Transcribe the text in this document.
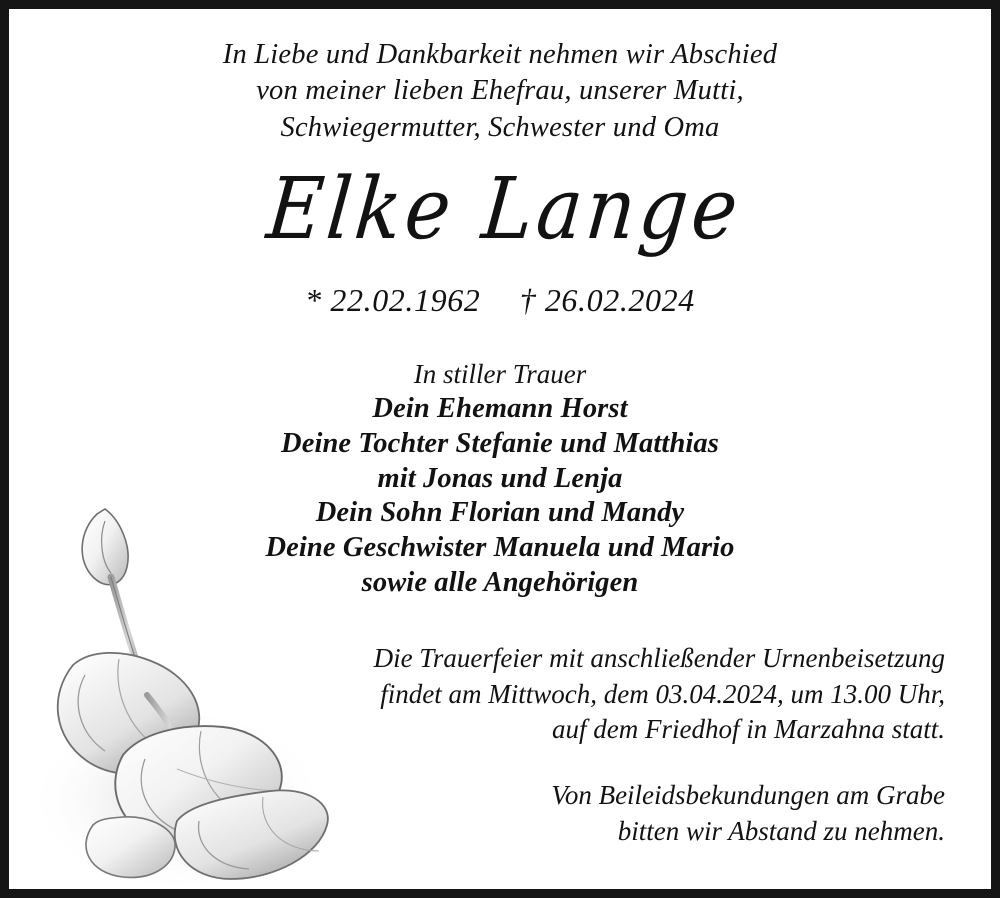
In Liebe und Dankbarkeit nehmen wir Abschied
von meiner lieben Ehefrau, unserer Mutti,
Schwiegermutter, Schwester und Oma
Elke Lange
* 22.02.1962 † 26.02.2024
In stiller Trauer
Dein Ehemann Horst
Deine Tochter Stefanie und Matthias
mit Jonas und Lenja
Dein Sohn Florian und Mandy
Deine Geschwister Manuela und Mario
sowie alle Angehörigen
Die Trauerfeier mit anschließender Urnenbeisetzung
findet am Mittwoch, dem 03.04.2024, um 13.00 Uhr,
auf dem Friedhof in Marzahna statt.
Von Beileidsbekundungen am Grabe
bitten wir Abstand zu nehmen.
